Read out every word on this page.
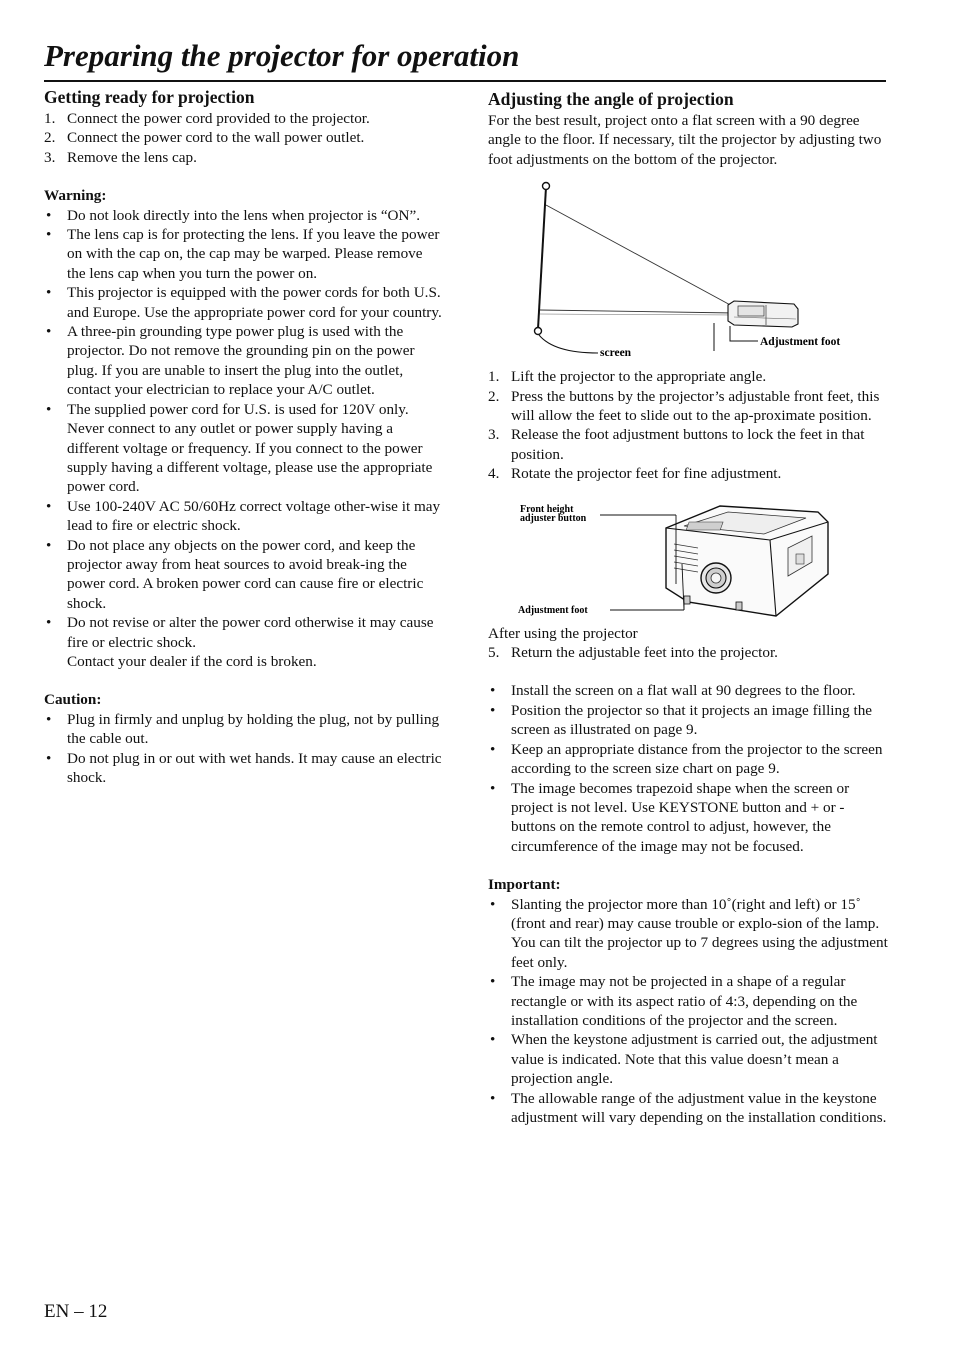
Preparing the projector for operation
Getting ready for projection
1. Connect the power cord provided to the projector.
2. Connect the power cord to the wall power outlet.
3. Remove the lens cap.

Warning:

• Do not look directly into the lens when projector is “ON”.
• The lens cap is for protecting the lens. If you leave the power on with the cap on, the cap may be warped. Please remove the lens cap when you turn the power on.
• This projector is equipped with the power cords for both U.S. and Europe. Use the appropriate power cord for your country.
• A three-pin grounding type power plug is used with the projector. Do not remove the grounding pin on the power plug. If you are unable to insert the plug into the outlet, contact your electrician to replace your A/C outlet.
• The supplied power cord for U.S. is used for 120V only. Never connect to any outlet or power supply having a different voltage or frequency. If you connect to the power supply having a different voltage, please use the appropriate power cord.
• Use 100-240V AC 50/60Hz correct voltage other-wise it may lead to fire or electric shock.
• Do not place any objects on the power cord, and keep the projector away from heat sources to avoid break-ing the power cord. A broken power cord can cause fire or electric shock.
• Do not revise or alter the power cord otherwise it may cause fire or electric shock.

Contact your dealer if the cord is broken.

Caution:

• Plug in firmly and unplug by holding the plug, not by pulling the cable out.
• Do not plug in or out with wet hands. It may cause an electric shock.
Adjusting the angle of projection

For the best result, project onto a flat screen with a 90 degree angle to the floor. If necessary, tilt the projector by adjusting two foot adjustments on the bottom of the projector.

screen
Adjustment foot
1. Lift the projector to the appropriate angle.
2. Press the buttons by the projector’s adjustable front feet, this will allow the feet to slide out to the ap-proximate position.
3. Release the foot adjustment buttons to lock the feet in that position.
4. Rotate the projector feet for fine adjustment.
Front height
adjuster button
Adjustment foot

After using the projector

5. Return the adjustable feet into the projector.
• Install the screen on a flat wall at 90 degrees to the floor.
• Position the projector so that it projects an image filling the screen as illustrated on page 9.
• Keep an appropriate distance from the projector to the screen according to the screen size chart on page 9.
• The image becomes trapezoid shape when the screen or project is not level. Use KEYSTONE button and + or - buttons on the remote control to adjust, however, the circumference of the image may not be focused.

Important:

• Slanting the projector more than 10˚(right and left) or 15˚ (front and rear) may cause trouble or explo-sion of the lamp. You can tilt the projector up to 7 degrees using the adjustment feet only.
• The image may not be projected in a shape of a regular rectangle or with its aspect ratio of 4:3, depending on the installation conditions of the projector and the screen.
• When the keystone adjustment is carried out, the adjustment value is indicated. Note that this value doesn’t mean a projection angle.
• The allowable range of the adjustment value in the keystone adjustment will vary depending on the installation conditions.
EN – 12
